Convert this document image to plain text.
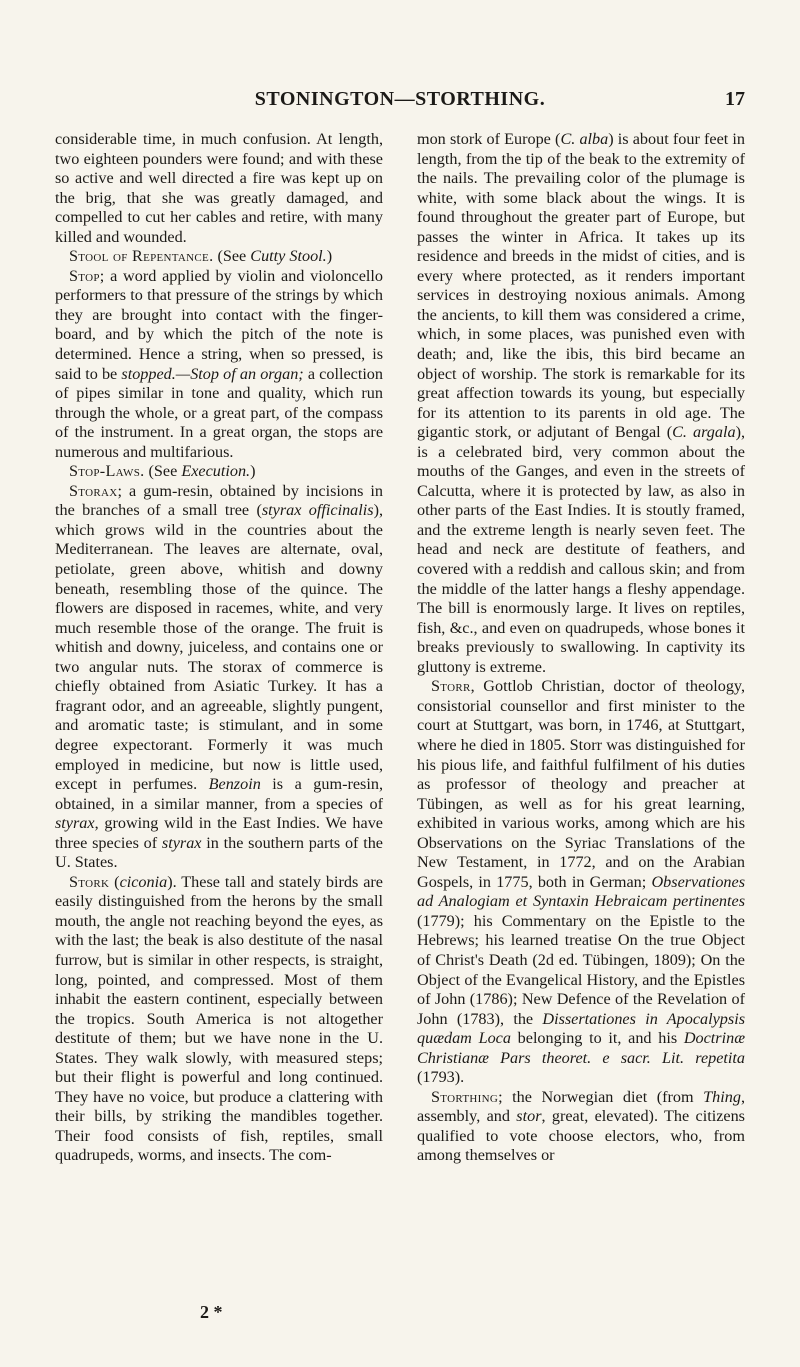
STONINGTON—STORTHING.	17

considerable time, in much confusion. At length, two eighteen pounders were found; and with these so active and well directed a fire was kept up on the brig, that she was greatly damaged, and compelled to cut her cables and retire, with many killed and wounded.

Stool of Repentance. (See Cutty Stool.)

Stop; a word applied by violin and violoncello performers to that pressure of the strings by which they are brought into contact with the finger-board, and by which the pitch of the note is determined. Hence a string, when so pressed, is said to be stopped.—Stop of an organ; a collection of pipes similar in tone and quality, which run through the whole, or a great part, of the compass of the instrument. In a great organ, the stops are numerous and multifarious.

Stop-Laws. (See Execution.)

Storax; a gum-resin, obtained by incisions in the branches of a small tree (styrax officinalis), which grows wild in the countries about the Mediterranean. The leaves are alternate, oval, petiolate, green above, whitish and downy beneath, resembling those of the quince. The flowers are disposed in racemes, white, and very much resemble those of the orange. The fruit is whitish and downy, juiceless, and contains one or two angular nuts. The storax of commerce is chiefly obtained from Asiatic Turkey. It has a fragrant odor, and an agreeable, slightly pungent, and aromatic taste; is stimulant, and in some degree expectorant. Formerly it was much employed in medicine, but now is little used, except in perfumes. Benzoin is a gum-resin, obtained, in a similar manner, from a species of styrax, growing wild in the East Indies. We have three species of styrax in the southern parts of the U. States.

Stork (ciconia). These tall and stately birds are easily distinguished from the herons by the small mouth, the angle not reaching beyond the eyes, as with the last; the beak is also destitute of the nasal furrow, but is similar in other respects, is straight, long, pointed, and compressed. Most of them inhabit the eastern continent, especially between the tropics. South America is not altogether destitute of them; but we have none in the U. States. They walk slowly, with measured steps; but their flight is powerful and long continued. They have no voice, but produce a clattering with their bills, by striking the mandibles together. Their food consists of fish, reptiles, small quadrupeds, worms, and insects. The com-

mon stork of Europe (C. alba) is about four feet in length, from the tip of the beak to the extremity of the nails. The prevailing color of the plumage is white, with some black about the wings. It is found throughout the greater part of Europe, but passes the winter in Africa. It takes up its residence and breeds in the midst of cities, and is every where protected, as it renders important services in destroying noxious animals. Among the ancients, to kill them was considered a crime, which, in some places, was punished even with death; and, like the ibis, this bird became an object of worship. The stork is remarkable for its great affection towards its young, but especially for its attention to its parents in old age. The gigantic stork, or adjutant of Bengal (C. argala), is a celebrated bird, very common about the mouths of the Ganges, and even in the streets of Calcutta, where it is protected by law, as also in other parts of the East Indies. It is stoutly framed, and the extreme length is nearly seven feet. The head and neck are destitute of feathers, and covered with a reddish and callous skin; and from the middle of the latter hangs a fleshy appendage. The bill is enormously large. It lives on reptiles, fish, &c., and even on quadrupeds, whose bones it breaks previously to swallowing. In captivity its gluttony is extreme.

Storr, Gottlob Christian, doctor of theology, consistorial counsellor and first minister to the court at Stuttgart, was born, in 1746, at Stuttgart, where he died in 1805. Storr was distinguished for his pious life, and faithful fulfilment of his duties as professor of theology and preacher at Tübingen, as well as for his great learning, exhibited in various works, among which are his Observations on the Syriac Translations of the New Testament, in 1772, and on the Arabian Gospels, in 1775, both in German; Observationes ad Analogiam et Syntaxin Hebraicam pertinentes (1779); his Commentary on the Epistle to the Hebrews; his learned treatise On the true Object of Christ's Death (2d ed. Tübingen, 1809); On the Object of the Evangelical History, and the Epistles of John (1786); New Defence of the Revelation of John (1783), the Dissertationes in Apocalypsis quædam Loca belonging to it, and his Doctrinæ Christianæ Pars theoret. e sacr. Lit. repetita (1793).

Storthing; the Norwegian diet (from Thing, assembly, and stor, great, elevated). The citizens qualified to vote choose electors, who, from among themselves or

2 *
